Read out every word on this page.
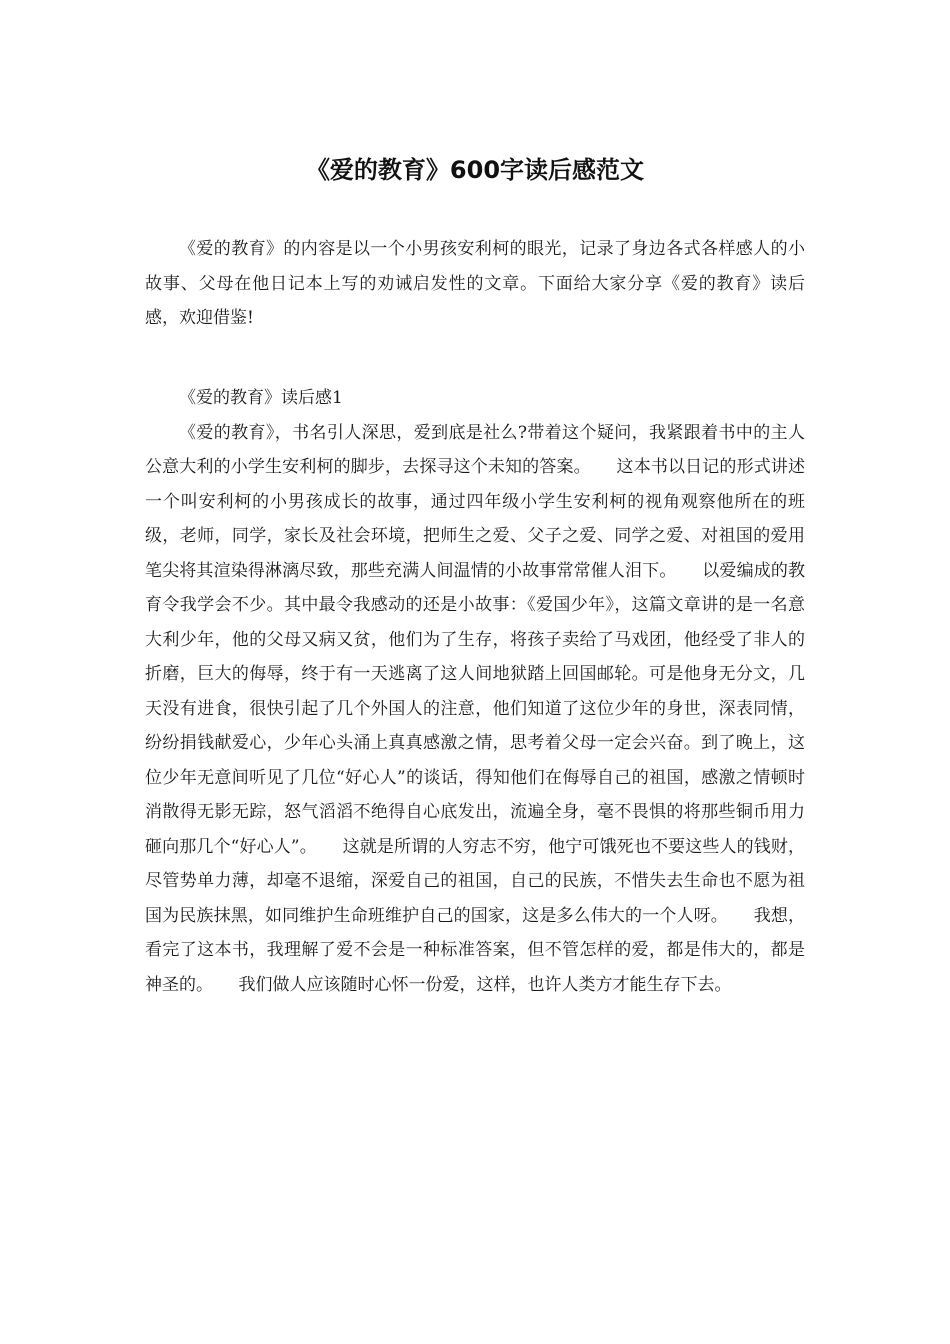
《爱的教育》600字读后感范文

《爱的教育》的内容是以一个小男孩安利柯的眼光，记录了身边各式各样感人的小故事、父母在他日记本上写的劝诫启发性的文章。下面给大家分享《爱的教育》读后感，欢迎借鉴!

《爱的教育》读后感1

《爱的教育》，书名引人深思，爱到底是社么?带着这个疑问，我紧跟着书中的主人公意大利的小学生安利柯的脚步，去探寻这个未知的答案。　　这本书以日记的形式讲述一个叫安利柯的小男孩成长的故事，通过四年级小学生安利柯的视角观察他所在的班级，老师，同学，家长及社会环境，把师生之爱、父子之爱、同学之爱、对祖国的爱用笔尖将其渲染得淋漓尽致，那些充满人间温情的小故事常常催人泪下。　　以爱编成的教育令我学会不少。其中最令我感动的还是小故事：《爱国少年》，这篇文章讲的是一名意大利少年，他的父母又病又贫，他们为了生存，将孩子卖给了马戏团，他经受了非人的折磨，巨大的侮辱，终于有一天逃离了这人间地狱踏上回国邮轮。可是他身无分文，几天没有进食，很快引起了几个外国人的注意，他们知道了这位少年的身世，深表同情，纷纷捐钱献爱心，少年心头涌上真真感激之情，思考着父母一定会兴奋。到了晚上，这位少年无意间听见了几位“好心人”的谈话，得知他们在侮辱自己的祖国，感激之情顿时消散得无影无踪，怒气滔滔不绝得自心底发出，流遍全身，毫不畏惧的将那些铜币用力砸向那几个“好心人”。　　这就是所谓的人穷志不穷，他宁可饿死也不要这些人的钱财，尽管势单力薄，却毫不退缩，深爱自己的祖国，自己的民族，不惜失去生命也不愿为祖国为民族抹黑，如同维护生命班维护自己的国家，这是多么伟大的一个人呀。　　我想，看完了这本书，我理解了爱不会是一种标准答案，但不管怎样的爱，都是伟大的，都是神圣的。　　我们做人应该随时心怀一份爱，这样，也许人类方才能生存下去。
